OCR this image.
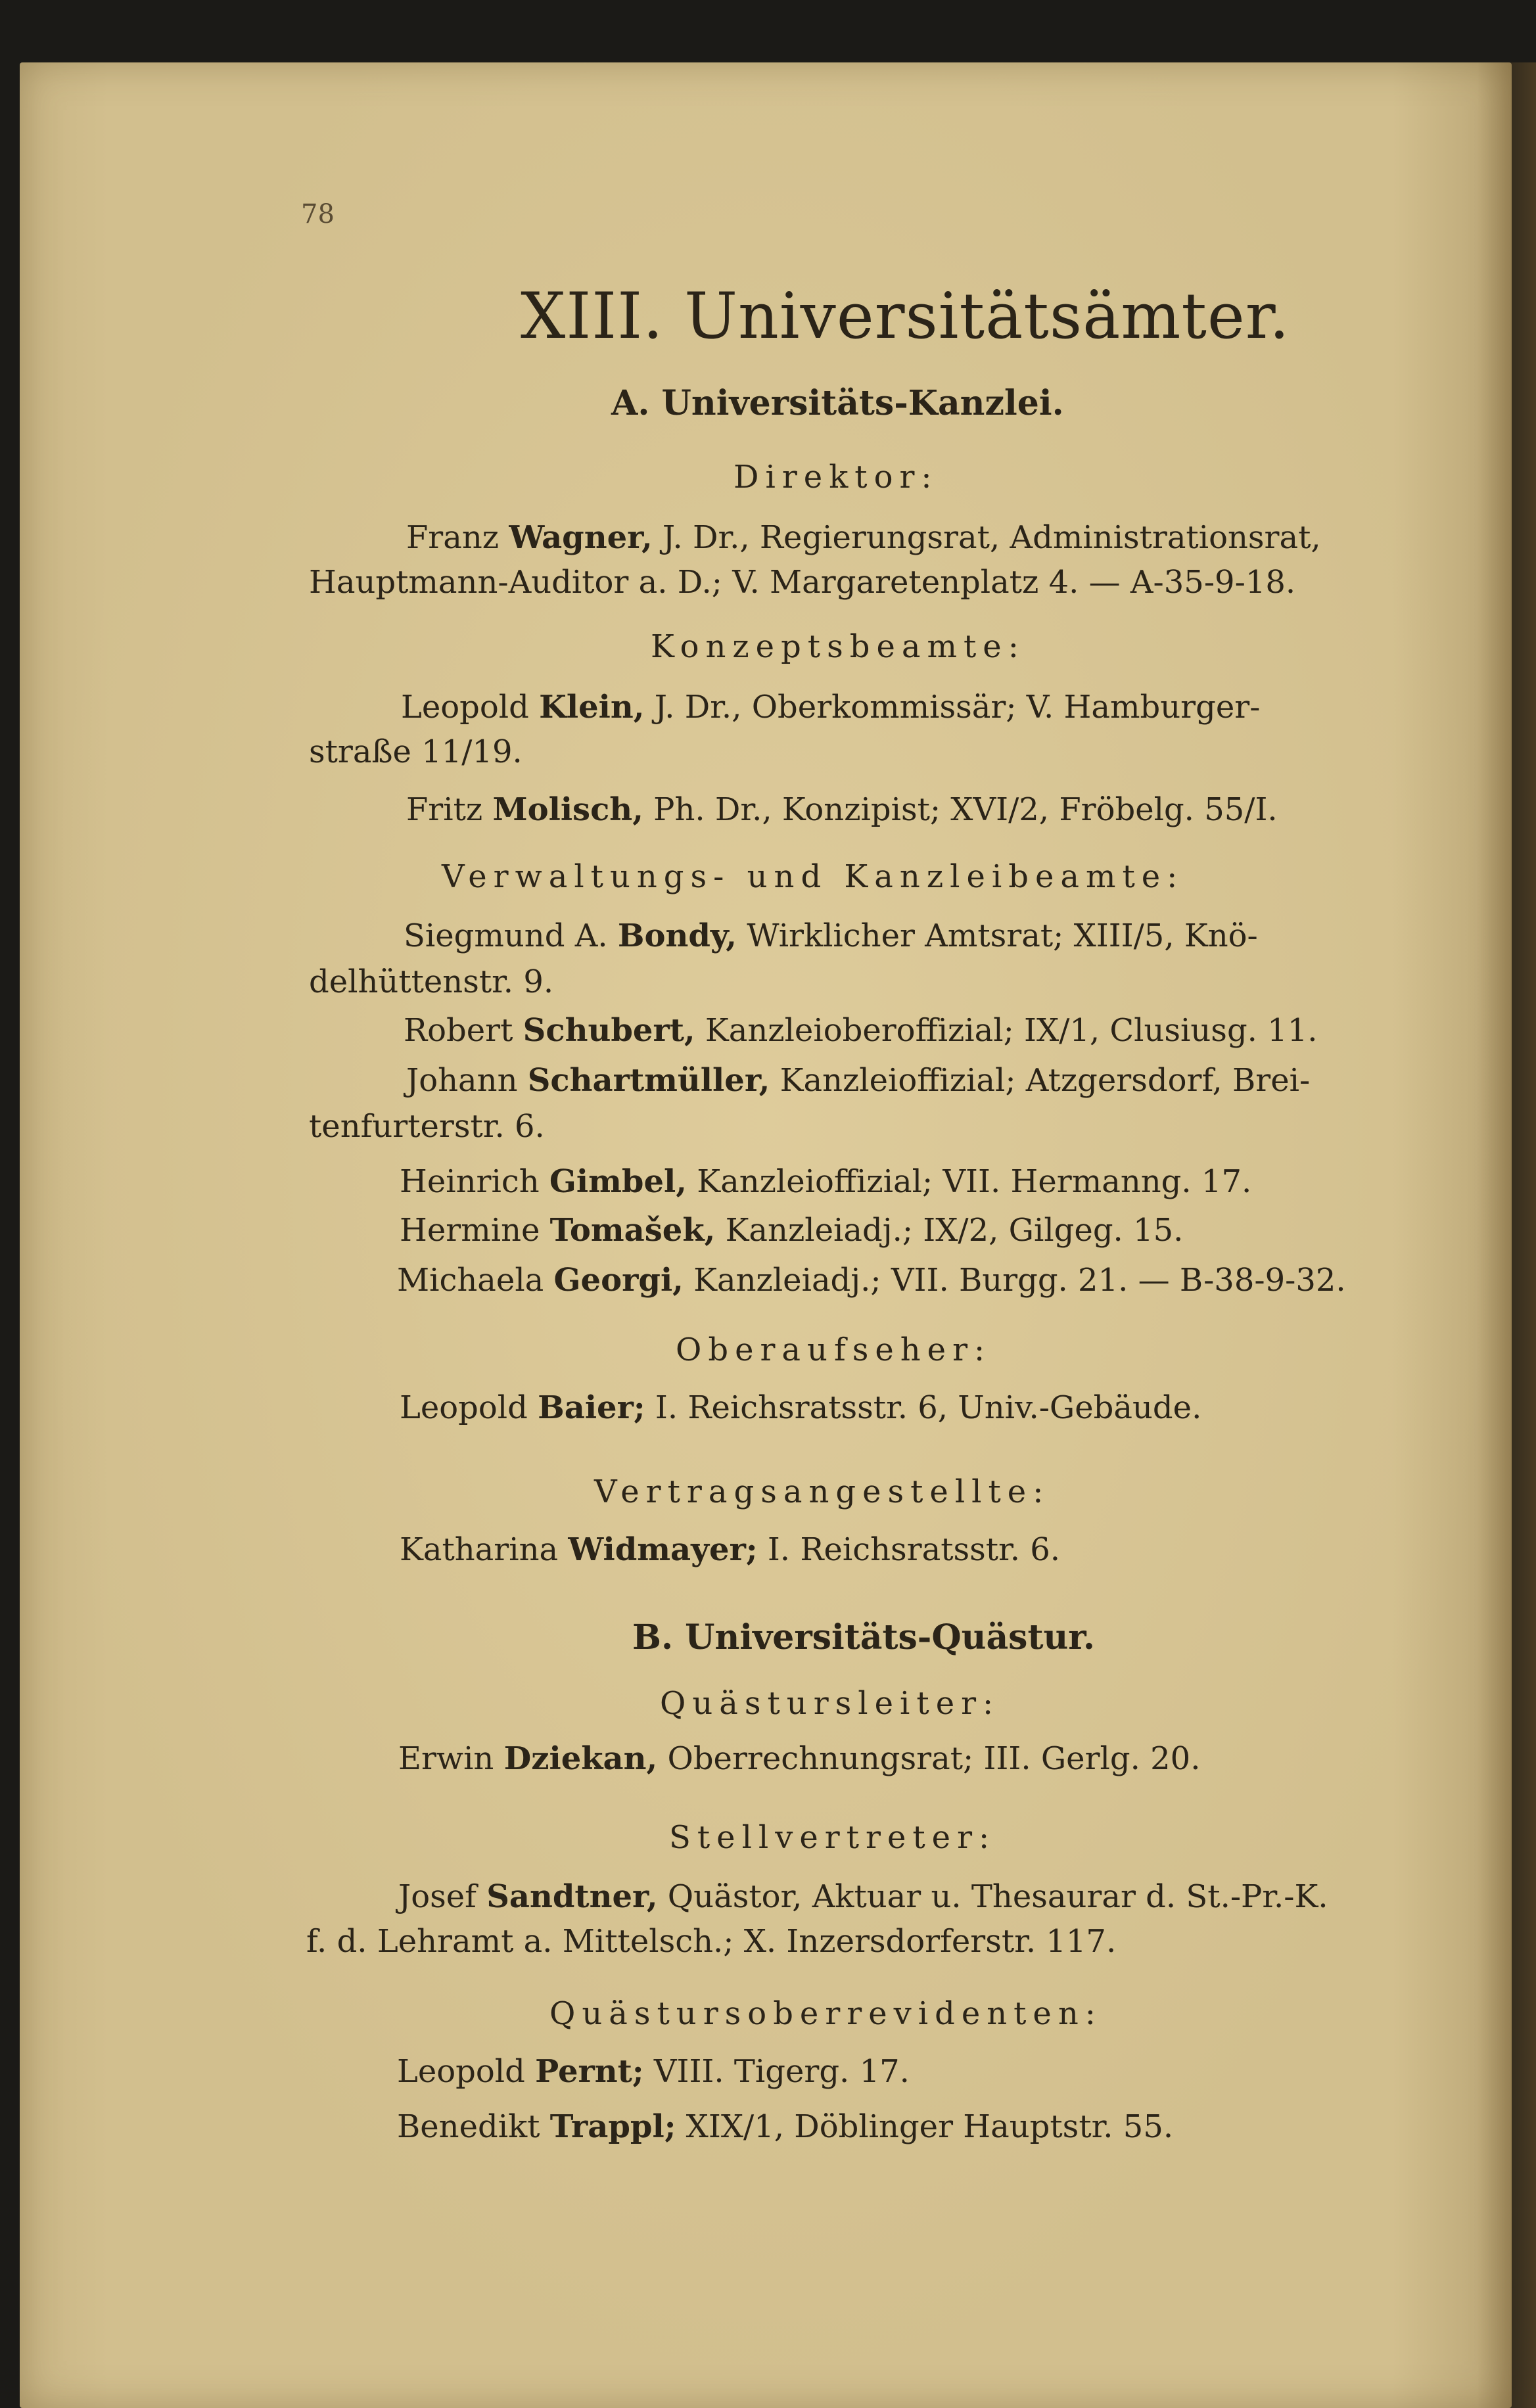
78

XIII. Universitätsämter.

A. Universitäts-Kanzlei.

Direktor:

Franz Wagner, J. Dr., Regierungsrat, Administrationsrat,

Hauptmann-Auditor a. D.; V. Margaretenplatz 4. — A-35-9-18.

Konzeptsbeamte:

Leopold Klein, J. Dr., Oberkommissär; V. Hamburger-

straße 11/19.

Fritz Molisch, Ph. Dr., Konzipist; XVI/2, Fröbelg. 55/I.

Verwaltungs- und Kanzleibeamte:

Siegmund A. Bondy, Wirklicher Amtsrat; XIII/5, Knö-

delhüttenstr. 9.

Robert Schubert, Kanzleioberoffizial; IX/1, Clusiusg. 11.

Johann Schartmüller, Kanzleioffizial; Atzgersdorf, Brei-

tenfurterstr. 6.

Heinrich Gimbel, Kanzleioffizial; VII. Hermanng. 17.

Hermine Tomašek, Kanzleiadj.; IX/2, Gilgeg. 15.

Michaela Georgi, Kanzleiadj.; VII. Burgg. 21. — B-38-9-32.

Oberaufseher:

Leopold Baier; I. Reichsratsstr. 6, Univ.-Gebäude.

Vertragsangestellte:

Katharina Widmayer; I. Reichsratsstr. 6.

B. Universitäts-Quästur.

Quästursleiter:

Erwin Dziekan, Oberrechnungsrat; III. Gerlg. 20.

Stellvertreter:

Josef Sandtner, Quästor, Aktuar u. Thesaurar d. St.-Pr.-K.

f. d. Lehramt a. Mittelsch.; X. Inzersdorferstr. 117.

Quästursoberrevidenten:

Leopold Pernt; VIII. Tigerg. 17.

Benedikt Trappl; XIX/1, Döblinger Hauptstr. 55.
